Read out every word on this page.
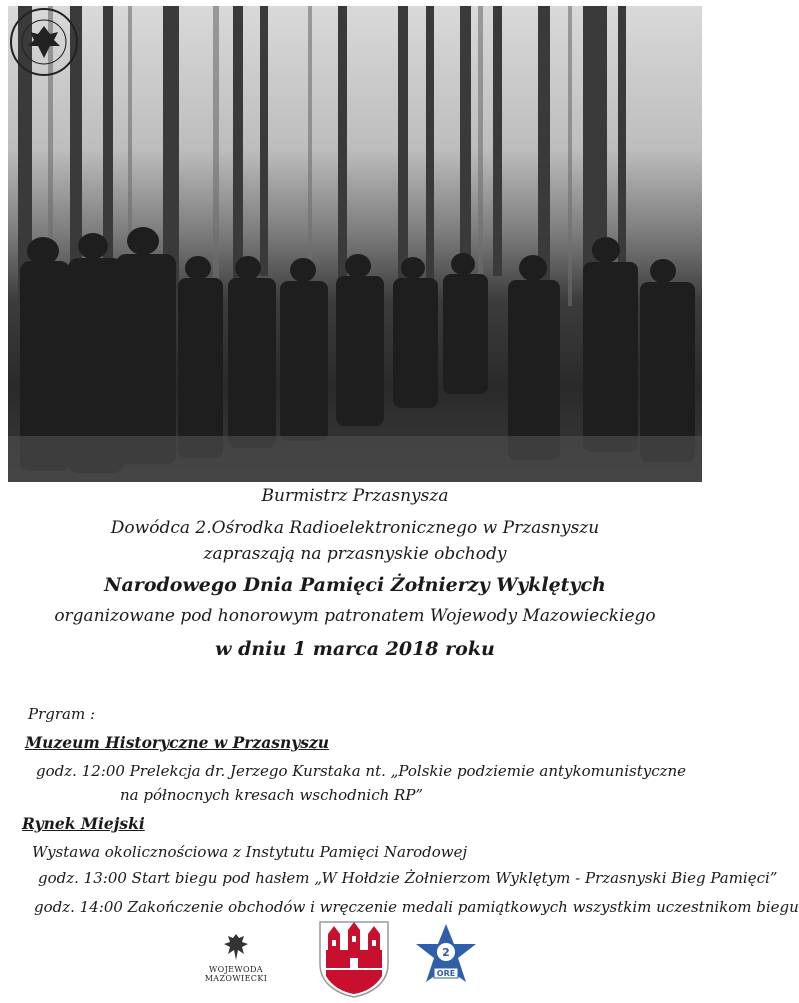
Burmistrz Przasnysza
Dowódca 2.Ośrodka Radioelektronicznego w Przasnyszu
zapraszają na przasnyskie obchody
Narodowego Dnia Pamięci Żołnierzy Wyklętych
organizowane pod honorowym patronatem Wojewody Mazowieckiego
w dniu 1 marca 2018 roku
Prgram :
Muzeum Historyczne w Przasnyszu
godz. 12:00 Prelekcja dr. Jerzego Kurstaka nt. „Polskie podziemie antykomunistyczne
na północnych kresach wschodnich RP”
Rynek Miejski
Wystawa okolicznościowa z Instytutu Pamięci Narodowej
godz. 13:00 Start biegu pod hasłem „W Hołdzie Żołnierzom Wyklętym - Przasnyski Bieg Pamięci”
godz. 14:00 Zakończenie obchodów i wręczenie medali pamiątkowych wszystkim uczestnikom biegu
WOJEWODA MAZOWIECKI
2
ORE
